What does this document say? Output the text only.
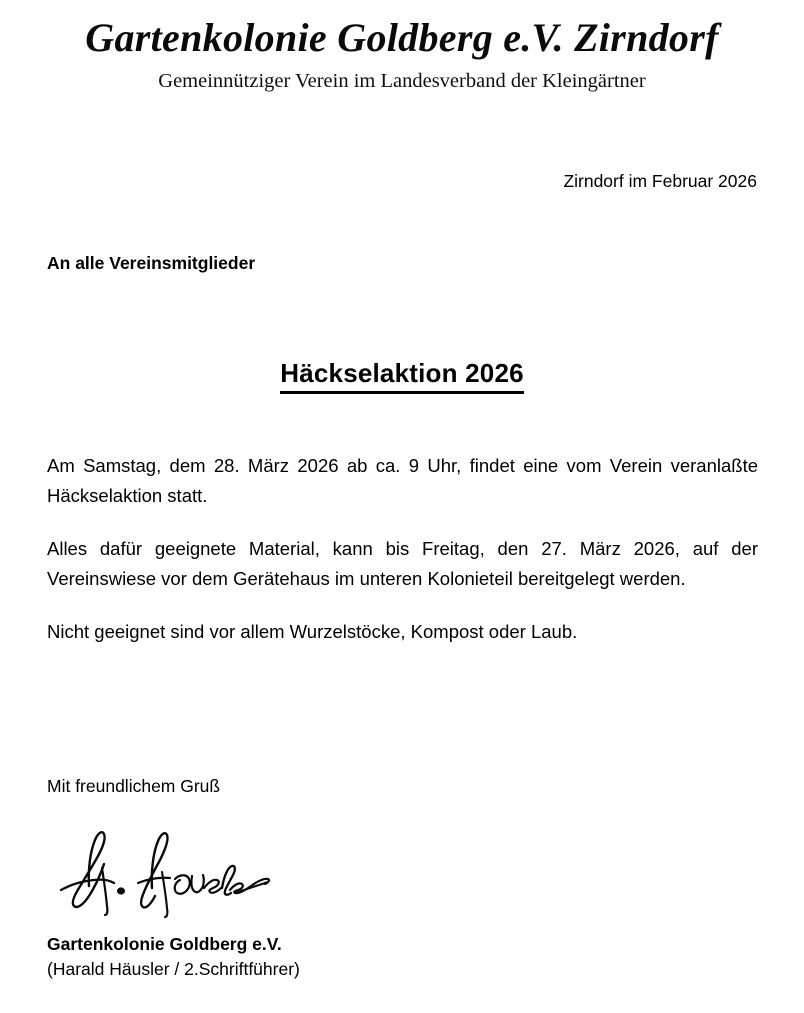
Gartenkolonie Goldberg e.V. Zirndorf
Gemeinnütziger Verein im Landesverband der Kleingärtner
Zirndorf im Februar 2026
An alle Vereinsmitglieder
Häckselaktion 2026

Am Samstag, dem 28. März 2026 ab ca. 9 Uhr, findet eine vom Verein veranlaßte Häckselaktion statt.

Alles dafür geeignete Material, kann bis Freitag, den 27. März 2026, auf der Vereinswiese vor dem Gerätehaus im unteren Kolonieteil bereitgelegt werden.

Nicht geeignet sind vor allem Wurzelstöcke, Kompost oder Laub.

Mit freundlichem Gruß

Gartenkolonie Goldberg e.V.

(Harald Häusler / 2.Schriftführer)
